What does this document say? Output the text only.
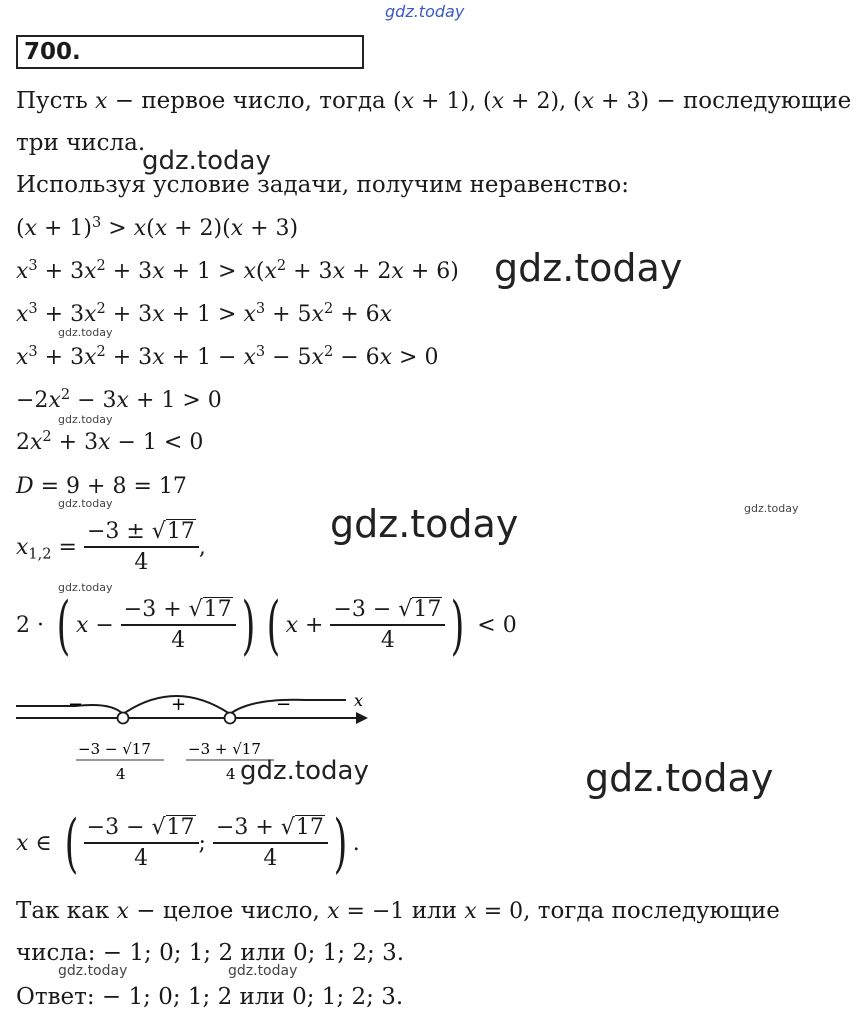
gdz.today
700.
Пусть x − первое число, тогда (x + 1), (x + 2), (x + 3) − последующие
три числа.
gdz.today
Используя условие задачи, получим неравенство:
$(x + 1)^3 > x(x + 2)(x + 3)$
$x^3 + 3x^2 + 3x + 1 > x(x^2 + 3x + 2x + 6)$ gdz.today
$x^3 + 3x^2 + 3x + 1 > x^3 + 5x^2 + 6x$
gdz.today
$x^3 + 3x^2 + 3x + 1 - x^3 - 5x^2 - 6x > 0$
$-2x^2 - 3x + 1 > 0$
gdz.today
$2x^2 + 3x - 1 < 0$
D = 9 + 8 = 17
gdz.today	gdz.today
gdz.today
$x_{1,2} = \frac{-3 \pm √17}{4}$ ,
gdz.today
2 · ( $x - \frac{-3 + √17}{4}$ ) ( $x + \frac{-3 - √17}{4}$ ) < 0
−	+	−	x
−3 − √17
4
−3 + √17
4 gdz.today	gdz.today
x ∈ ( $\frac{-3 - √17}{4}$ ; $\frac{-3 + √17}{4}$ ) .
Так как x − целое число, x = −1 или x = 0, тогда последующие
числа: − 1; 0; 1; 2 или 0; 1; 2; 3.
gdz.today	gdz.today
Ответ: − 1; 0; 1; 2 или 0; 1; 2; 3.
